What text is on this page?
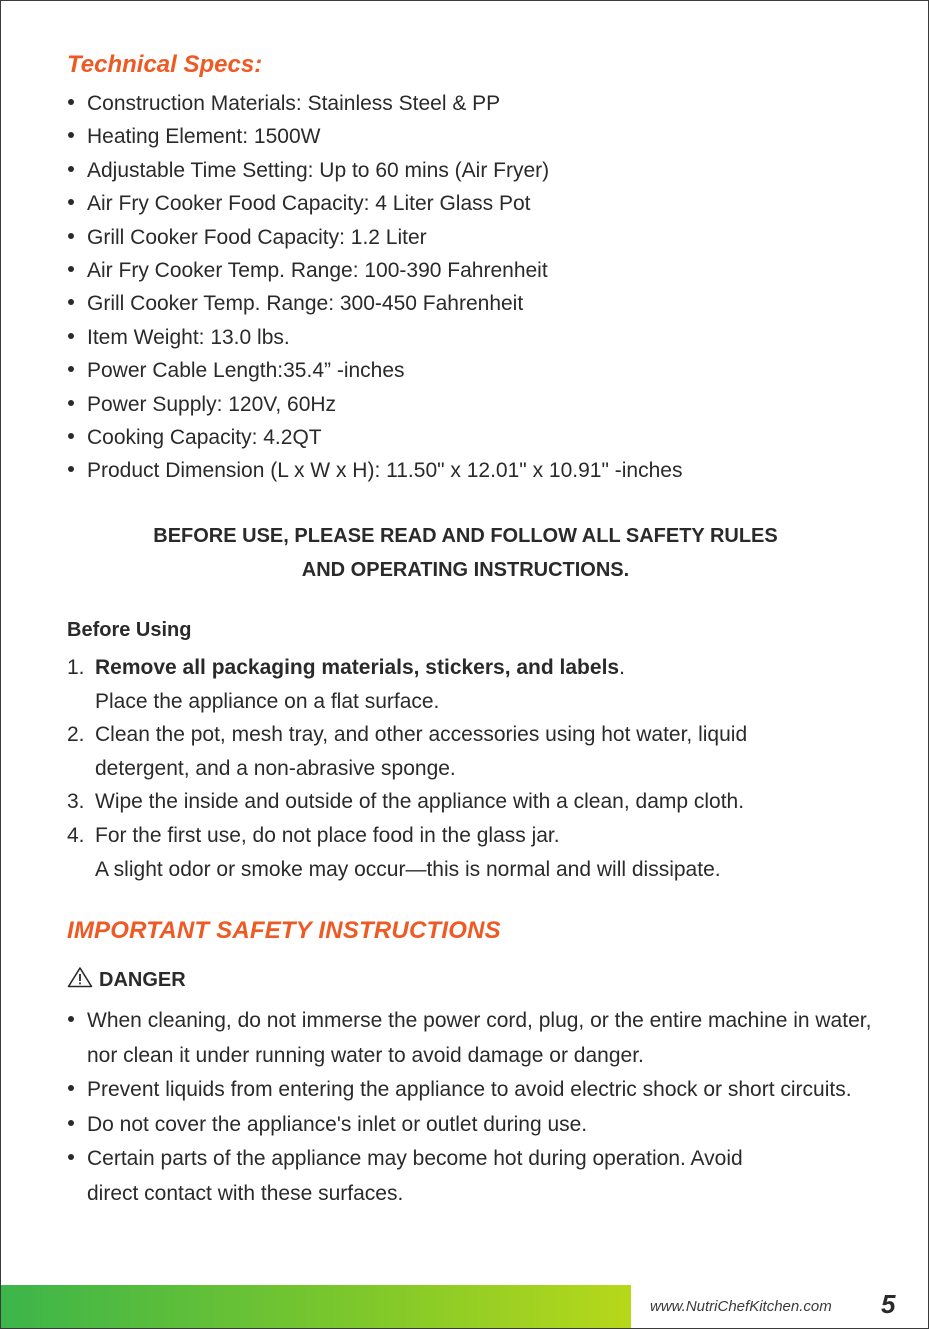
Technical Specs:
Construction Materials: Stainless Steel & PP
Heating Element: 1500W
Adjustable Time Setting: Up to 60 mins (Air Fryer)
Air Fry Cooker Food Capacity: 4 Liter Glass Pot
Grill Cooker Food Capacity: 1.2 Liter
Air Fry Cooker Temp. Range: 100-390 Fahrenheit
Grill Cooker Temp. Range: 300-450 Fahrenheit
Item Weight: 13.0 lbs.
Power Cable Length:35.4” -inches
Power Supply: 120V, 60Hz
Cooking Capacity: 4.2QT
Product Dimension (L x W x H): 11.50" x 12.01" x 10.91" -inches
BEFORE USE, PLEASE READ AND FOLLOW ALL SAFETY RULES
AND OPERATING INSTRUCTIONS.
Before Using
1. Remove all packaging materials, stickers, and labels.
Place the appliance on a flat surface.
2. Clean the pot, mesh tray, and other accessories using hot water, liquid
detergent, and a non-abrasive sponge.
3. Wipe the inside and outside of the appliance with a clean, damp cloth.
4. For the first use, do not place food in the glass jar.
A slight odor or smoke may occur—this is normal and will dissipate.
IMPORTANT SAFETY INSTRUCTIONS
DANGER
When cleaning, do not immerse the power cord, plug, or the entire machine in water, nor clean it under running water to avoid damage or danger.
Prevent liquids from entering the appliance to avoid electric shock or short circuits.
Do not cover the appliance's inlet or outlet during use.
Certain parts of the appliance may become hot during operation. Avoid direct contact with these surfaces.
www.NutriChefKitchen.com 5
